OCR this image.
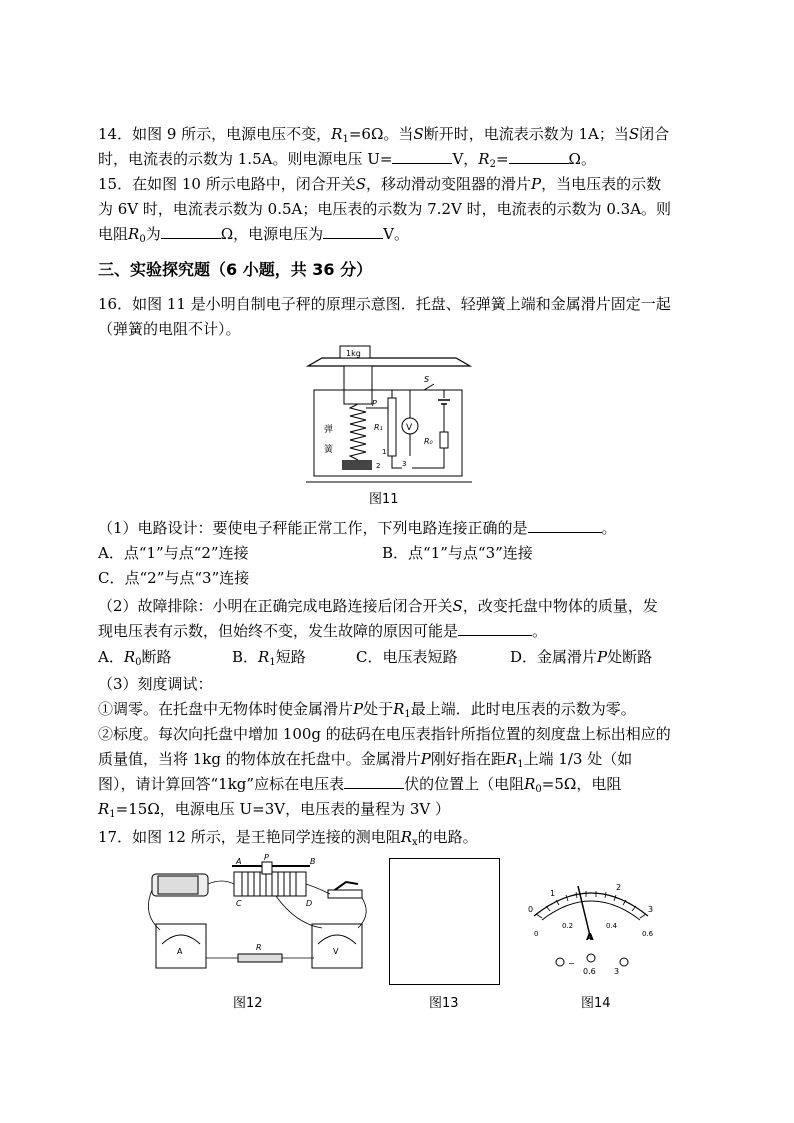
14．如图 9 所示，电源电压不变，$R_1=6\Omega$。当S断开时，电流表示数为 1A；当S闭合
时，电流表的示数为 1.5A。则电源电压 U=	V，$R_2=$	Ω。
15．在如图 10 所示电路中，闭合开关S，移动滑动变阻器的滑片P，当电压表的示数
为 6V 时，电流表示数为 0.5A；电压表的示数为 7.2V 时，电流表的示数为 0.3A。则
电阻$R_0$为	Ω，电源电压为	V。
三、实验探究题（6 小题，共 36 分）
16．如图 11 是小明自制电子秤的原理示意图．托盘、轻弹簧上端和金属滑片固定一起
（弹簧的电阻不计）。
1kg
弹
簧
P
R₁	V
S
R₀
1
2	3
图11
（1）电路设计：要使电子秤能正常工作，下列电路连接正确的是	。
A．点“1”与点“2”连接	B．点“1”与点“3”连接
C．点“2”与点“3”连接
（2）故障排除：小明在正确完成电路连接后闭合开关S，改变托盘中物体的质量，发
现电压表有示数，但始终不变，发生故障的原因可能是	。
A．$R_0$断路	B．$R_1$短路	C．电压表短路	D．金属滑片P处断路
（3）刻度调试：
①调零。在托盘中无物体时使金属滑片P处于$R_1$最上端．此时电压表的示数为零。
②标度。每次向托盘中增加 100g 的砝码在电压表指针所指位置的刻度盘上标出相应的
质量值，当将 1kg 的物体放在托盘中。金属滑片P刚好指在距$R_1$上端 1/3 处（如
图），请计算回答“1kg”应标在电压表	伏的位置上（电阻$R_0=5\Omega$，电阻
$R_1=15\Omega$，电源电压 U=3V，电压表的量程为 3V ）
17．如图 12 所示，是王艳同学连接的测电阻$R_x$的电路。
A	P	B
C	D
A	R	V
图12	图13
0
1
2
3
0.2	0.4
0.6
0	A
−
0.6 3
图14
